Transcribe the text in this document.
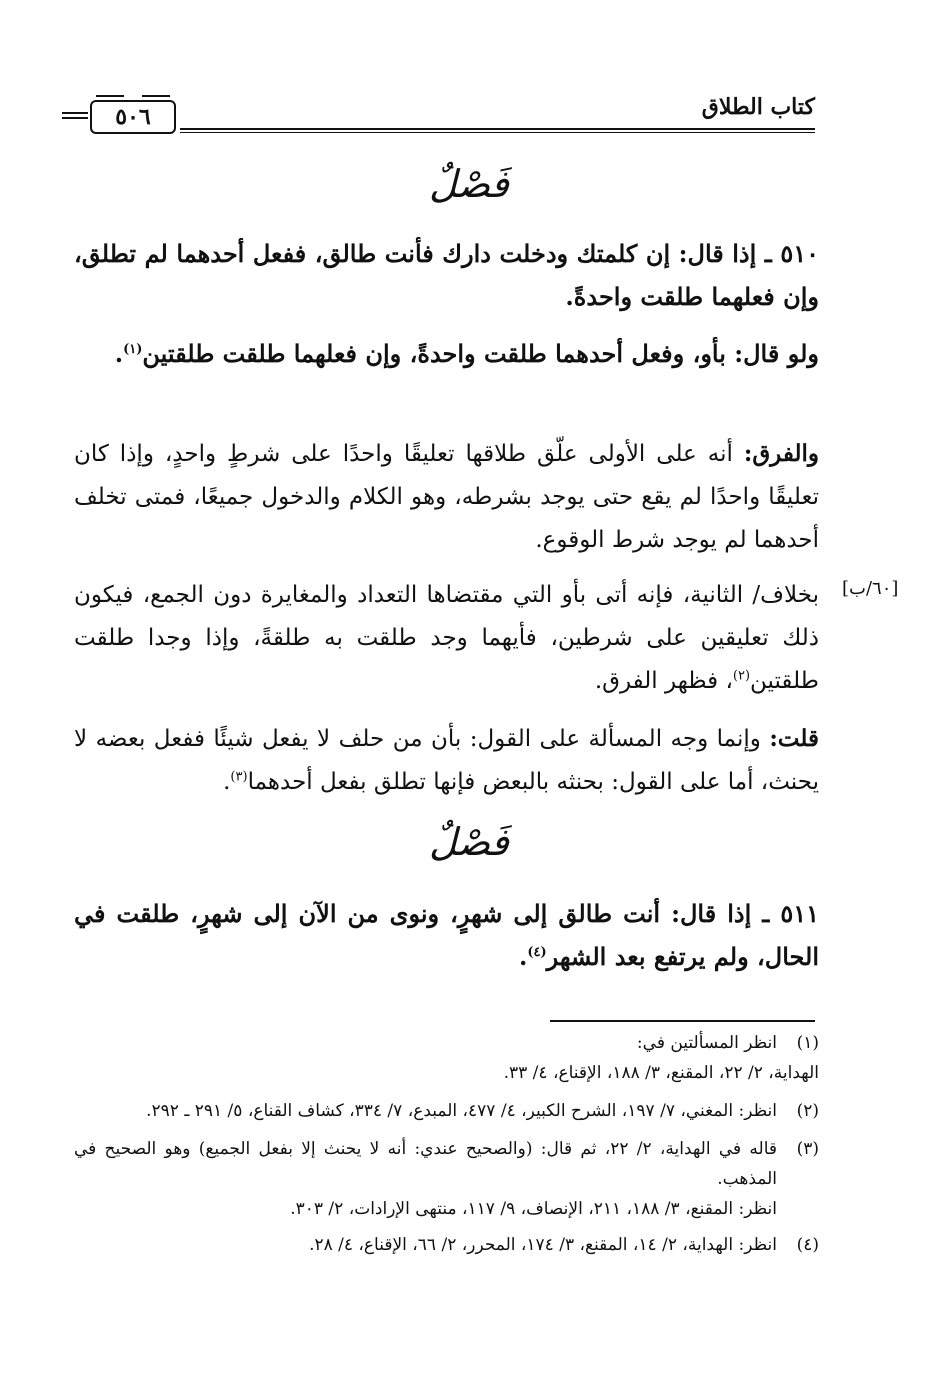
كتاب الطلاق
٥٠٦
فَصْلٌ
٥١٠ ـ إذا قال: إن كلمتك ودخلت دارك فأنت طالق، ففعل أحدهما لم تطلق، وإن فعلهما طلقت واحدةً.
ولو قال: بأو، وفعل أحدهما طلقت واحدةً، وإن فعلهما طلقت طلقتين$^{(١)}$.
والفرق: أنه على الأولى علّق طلاقها تعليقًا واحدًا على شرطٍ واحدٍ، وإذا كان تعليقًا واحدًا لم يقع حتى يوجد بشرطه، وهو الكلام والدخول جميعًا، فمتى تخلف أحدهما لم يوجد شرط الوقوع.
[٦٠/ب]
بخلاف/ الثانية، فإنه أتى بأو التي مقتضاها التعداد والمغايرة دون الجمع، فيكون ذلك تعليقين على شرطين، فأيهما وجد طلقت به طلقةً، وإذا وجدا طلقت طلقتين$^{(٢)}$، فظهر الفرق.
قلت: وإنما وجه المسألة على القول: بأن من حلف لا يفعل شيئًا ففعل بعضه لا يحنث، أما على القول: بحنثه بالبعض فإنها تطلق بفعل أحدهما$^{(٣)}$.
فَصْلٌ
٥١١ ـ إذا قال: أنت طالق إلى شهرٍ، ونوى من الآن إلى شهرٍ، طلقت في الحال، ولم يرتفع بعد الشهر$^{(٤)}$.
(١)
انظر المسألتين في:
الهداية، ٢/ ٢٢، المقنع، ٣/ ١٨٨، الإقناع، ٤/ ٣٣.
(٢)
انظر: المغني، ٧/ ١٩٧، الشرح الكبير، ٤/ ٤٧٧، المبدع، ٧/ ٣٣٤، كشاف القناع، ٥/ ٢٩١ ـ ٢٩٢.
(٣)
قاله في الهداية، ٢/ ٢٢، ثم قال: (والصحيح عندي: أنه لا يحنث إلا بفعل الجميع) وهو الصحيح في المذهب.
انظر: المقنع، ٣/ ١٨٨، ٢١١، الإنصاف، ٩/ ١١٧، منتهى الإرادات، ٢/ ٣٠٣.
(٤)
انظر: الهداية، ٢/ ١٤، المقنع، ٣/ ١٧٤، المحرر، ٢/ ٦٦، الإقناع، ٤/ ٢٨.
